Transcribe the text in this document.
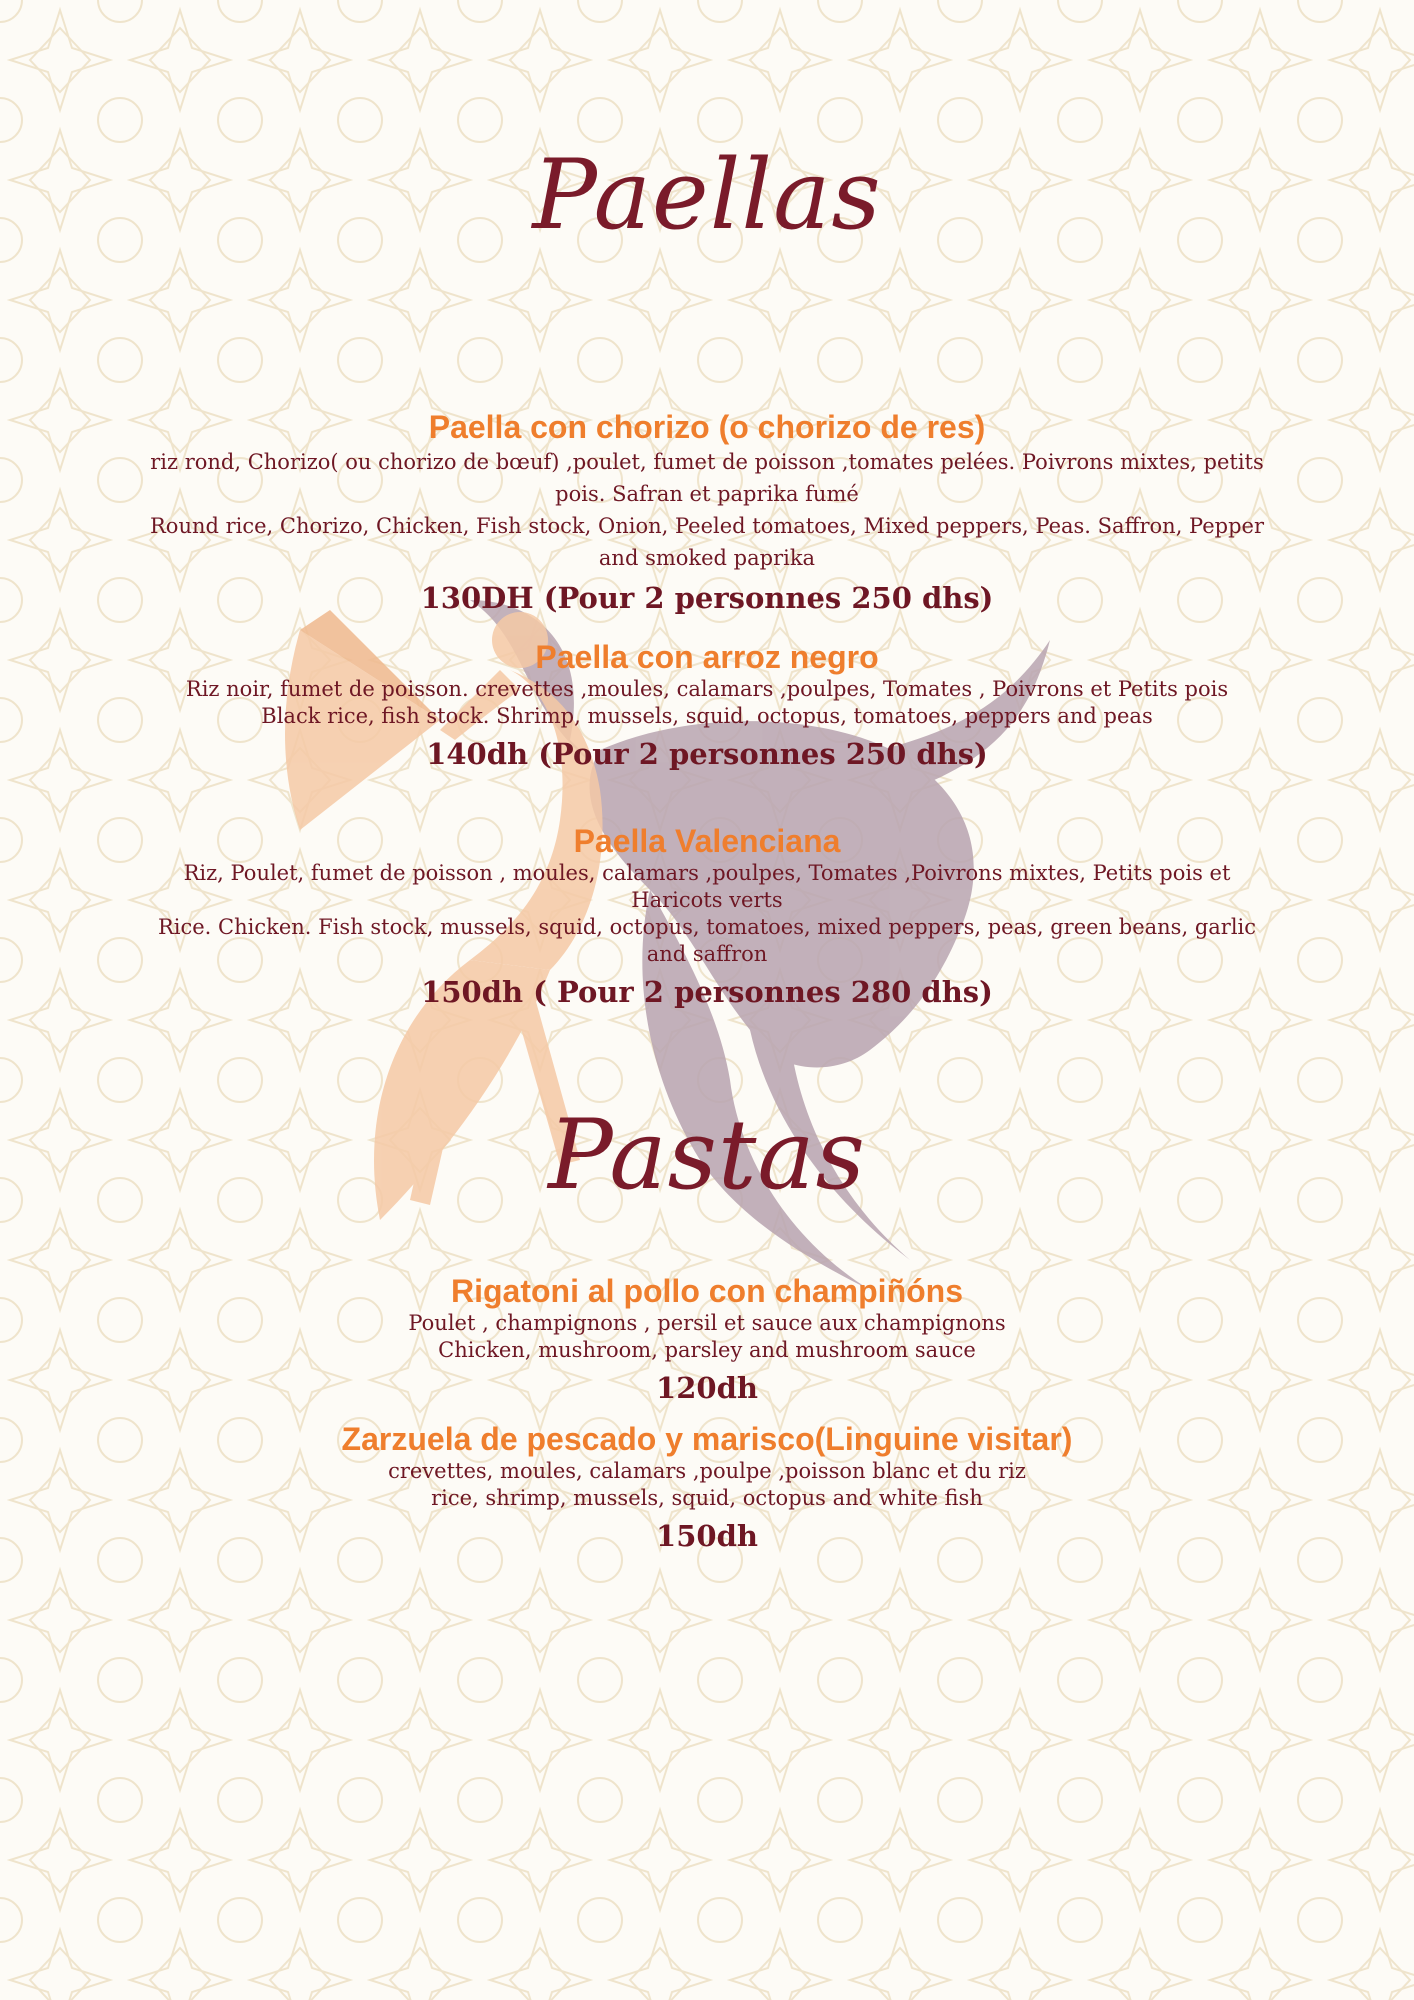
Paellas

Paella con chorizo (o chorizo de res)

riz rond, Chorizo( ou chorizo de bœuf) ,poulet, fumet de poisson ,tomates pelées. Poivrons mixtes, petits pois. Safran et paprika fumé

Round rice, Chorizo, Chicken, Fish stock, Onion, Peeled tomatoes, Mixed peppers, Peas. Saffron, Pepper and smoked paprika

130DH (Pour 2 personnes 250 dhs)

Paella con arroz negro

Riz noir, fumet de poisson. crevettes ,moules, calamars ,poulpes, Tomates , Poivrons et Petits pois

Black rice, fish stock. Shrimp, mussels, squid, octopus, tomatoes, peppers and peas

140dh (Pour 2 personnes 250 dhs)

Paella Valenciana

Riz, Poulet, fumet de poisson , moules, calamars ,poulpes, Tomates ,Poivrons mixtes, Petits pois et Haricots verts

Rice. Chicken. Fish stock, mussels, squid, octopus, tomatoes, mixed peppers, peas, green beans, garlic and saffron

150dh ( Pour 2 personnes 280 dhs)

Pastas

Rigatoni al pollo con champiñóns

Poulet , champignons , persil et sauce aux champignons

Chicken, mushroom, parsley and mushroom sauce

120dh

Zarzuela de pescado y marisco(Linguine visitar)

crevettes, moules, calamars ,poulpe ,poisson blanc et du riz

rice, shrimp, mussels, squid, octopus and white fish

150dh
